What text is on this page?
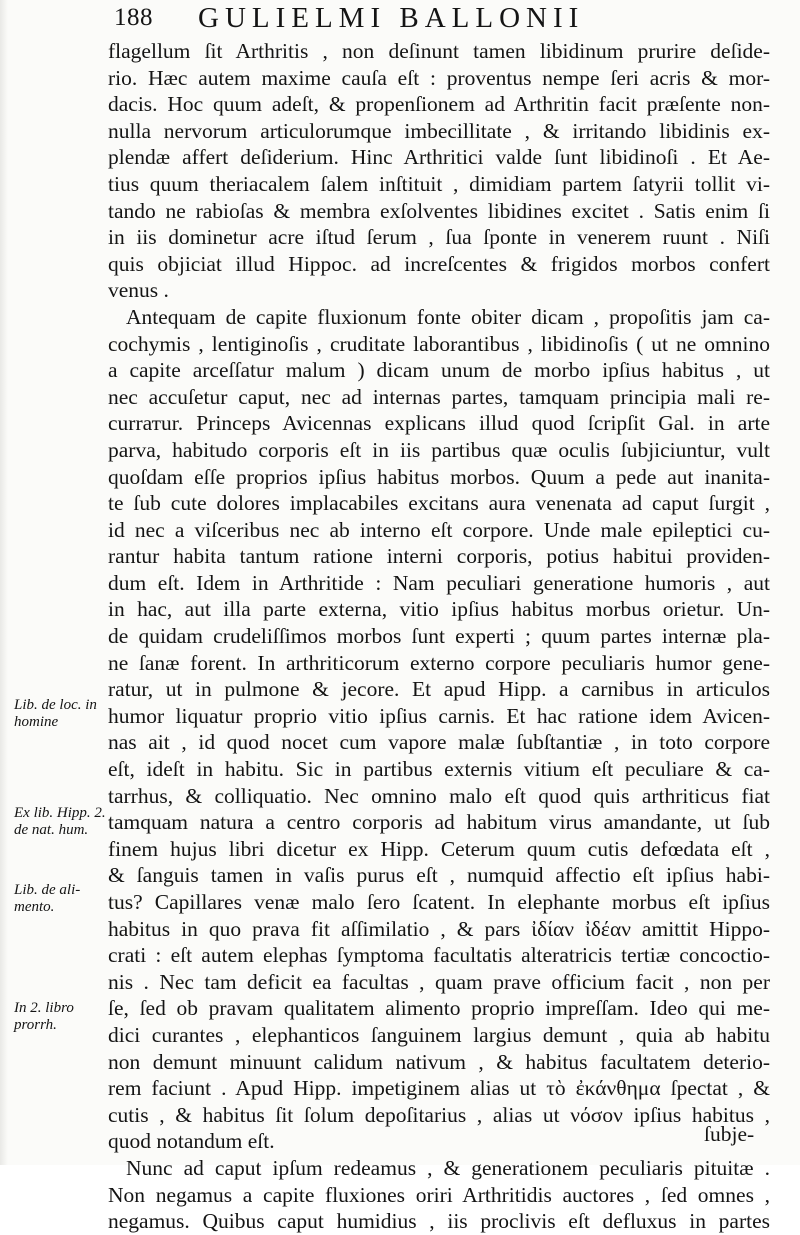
188 GULIELMI BALLONII
flagellum ſit Arthritis , non deſinunt tamen libidinum prurire deſide-
rio. Hæc autem maxime cauſa eſt : proventus nempe ſeri acris & mor-
dacis. Hoc quum adeſt, & propenſionem ad Arthritin facit præſente non-
nulla nervorum articulorumque imbecillitate , & irritando libidinis ex-
plendæ affert deſiderium. Hinc Arthritici valde ſunt libidinoſi . Et Ae-
tius quum theriacalem ſalem inſtituit , dimidiam partem ſatyrii tollit vi-
tando ne rabioſas & membra exſolventes libidines excitet . Satis enim ſi
in iis dominetur acre iſtud ſerum , ſua ſponte in venerem ruunt . Niſi
quis objiciat illud Hippoc. ad increſcentes & frigidos morbos confert
venus .
Antequam de capite fluxionum fonte obiter dicam , propoſitis jam ca-
cochymis , lentiginoſis , cruditate laborantibus , libidinoſis ( ut ne omnino
a capite arceſſatur malum ) dicam unum de morbo ipſius habitus , ut
nec accuſetur caput, nec ad internas partes, tamquam principia mali re-
currатur. Princeps Avicennas explicans illud quod ſcripſit Gal. in arte
parva, habitudo corporis eſt in iis partibus quæ oculis ſubjiciuntur, vult
quoſdam eſſe proprios ipſius habitus morbos. Quum a pede aut inanita-
te ſub cute dolores implacabiles excitans aura venenata ad caput ſurgit ,
id nec a viſceribus nec ab interno eſt corpore. Unde male epileptici cu-
rantur habita tantum ratione interni corporis, potius habitui providen-
dum eſt. Idem in Arthritide : Nam peculiari generatione humoris , aut
in hac, aut illa parte externa, vitio ipſius habitus morbus orietur. Un-
de quidam crudeliſſimos morbos ſunt experti ; quum partes internæ pla-
ne ſanæ forent. In arthriticorum externo corpore peculiaris humor gene-
ratur, ut in pulmone & jecore. Et apud Hipp. a carnibus in articulos
humor liquatur proprio vitio ipſius carnis. Et hac ratione idem Avicen-
nas ait , id quod nocet cum vapore malæ ſubſtantiæ , in toto corpore
eſt, ideſt in habitu. Sic in partibus externis vitium eſt peculiare & ca-
tarrhus, & colliquatio. Nec omnino malo eſt quod quis arthriticus fiat
tamquam natura a centro corporis ad habitum virus amandante, ut ſub
finem hujus libri dicetur ex Hipp. Ceterum quum cutis defœdata eſt ,
& ſanguis tamen in vaſis purus eſt , numquid affectio eſt ipſius habi-
tus? Capillares venæ malo ſero ſcatent. In elephante morbus eſt ipſius
habitus in quo prava fit aſſimilatio , & pars ἰδίαν ἰδέαν amittit Hippo-
crati : eſt autem elephas ſymptoma facultatis alteratricis tertiæ concoctio-
nis . Nec tam deficit ea facultas , quam prave officium facit , non per
ſe, ſed ob pravam qualitatem alimento proprio impreſſam. Ideo qui me-
dici curantes , elephanticos ſanguinem largius demunt , quia ab habitu
non demunt minuunt calidum nativum , & habitus facultatem deterio-
rem faciunt . Apud Hipp. impetiginem alias ut τὸ ἐκάνθημα ſpectat , &
cutis , & habitus ſit ſolum depoſitarius , alias ut νόσον ipſius habitus ,
quod notandum eſt.
Nunc ad caput ipſum redeamus , & generationem peculiaris pituitæ .
Non negamus a capite fluxiones oriri Arthritidis auctores , ſed omnes ,
negamus. Quibus caput humidius , iis proclivis eſt defluxus in partes
ſubje-
Lib. de loc. in homine
Ex lib. Hipp. 2. de nat. hum.
Lib. de ali- mento.
In 2. libro prorrh.
